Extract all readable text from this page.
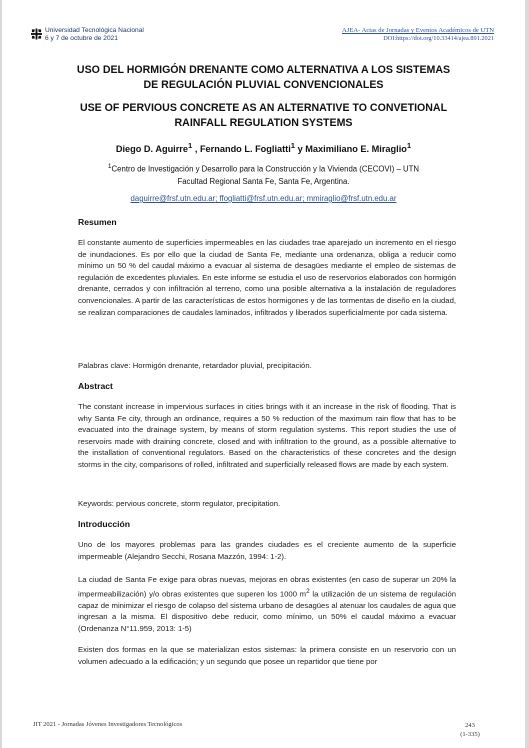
Universidad Tecnológica Nacional
6 y 7 de octubre de 2021
AJEA- Actas de Jornadas y Eventos Académicos de UTN
DOI:https://doi.org/10.33414/ajea.891.2021
USO DEL HORMIGÓN DRENANTE COMO ALTERNATIVA A LOS SISTEMAS
DE REGULACIÓN PLUVIAL CONVENCIONALES
USE OF PERVIOUS CONCRETE AS AN ALTERNATIVE TO CONVETIONAL
RAINFALL REGULATION SYSTEMS
Diego D. Aguirre$^1$ , Fernando L. Fogliatti$^1$ y Maximiliano E. Miraglio$^1$
$^1$Centro de Investigación y Desarrollo para la Construcción y la Vivienda (CECOVI) – UTN
Facultad Regional Santa Fe, Santa Fe, Argentina.
daguirre@frsf.utn.edu.ar; ffogliatti@frsf.utn.edu.ar; mmiraglio@frsf.utn.edu.ar
Resumen
El constante aumento de superficies impermeables en las ciudades trae aparejado un incremento en el riesgo de inundaciones. Es por ello que la ciudad de Santa Fe, mediante una ordenanza, obliga a reducir como mínimo un 50 % del caudal máximo a evacuar al sistema de desagües mediante el empleo de sistemas de regulación de excedentes pluviales. En este informe se estudia el uso de reservorios elaborados con hormigón drenante, cerrados y con infiltración al terreno, como una posible alternativa a la instalación de reguladores convencionales. A partir de las características de estos hormigones y de las tormentas de diseño en la ciudad, se realizan comparaciones de caudales laminados, infiltrados y liberados superficialmente por cada sistema.
Palabras clave: Hormigón drenante, retardador pluvial, precipitación.
Abstract
The constant increase in impervious surfaces in cities brings with it an increase in the risk of flooding. That is why Santa Fe city, through an ordinance, requires a 50 % reduction of the maximum rain flow that has to be evacuated into the drainage system, by means of storm regulation systems. This report studies the use of reservoirs made with draining concrete, closed and with infiltration to the ground, as a possible alternative to the installation of conventional regulators. Based on the characteristics of these concretes and the design storms in the city, comparisons of rolled, infiltrated and superficially released flows are made by each system.
Keywords: pervious concrete, storm regulator, precipitation.
Introducción
Uno de los mayores problemas para las grandes ciudades es el creciente aumento de la superficie impermeable (Alejandro Secchi, Rosana Mazzón, 1994: 1-2).
La ciudad de Santa Fe exige para obras nuevas, mejoras en obras existentes (en caso de superar un 20% la impermeabilización) y/o obras existentes que superen los 1000 $m^2$ la utilización de un sistema de regulación capaz de minimizar el riesgo de colapso del sistema urbano de desagües al atenuar los caudales de agua que ingresan a la misma. El dispositivo debe reducir, como mínimo, un 50% el caudal máximo a evacuar (Ordenanza N°11.959, 2013: 1-5)
Existen dos formas en la que se materializan estos sistemas: la primera consiste en un reservorio con un volumen adecuado a la edificación; y un segundo que posee un repartidor que tiene por
JIT 2021 - Jornadas Jóvenes Investigadores Tecnológicos	243
(1-335)
